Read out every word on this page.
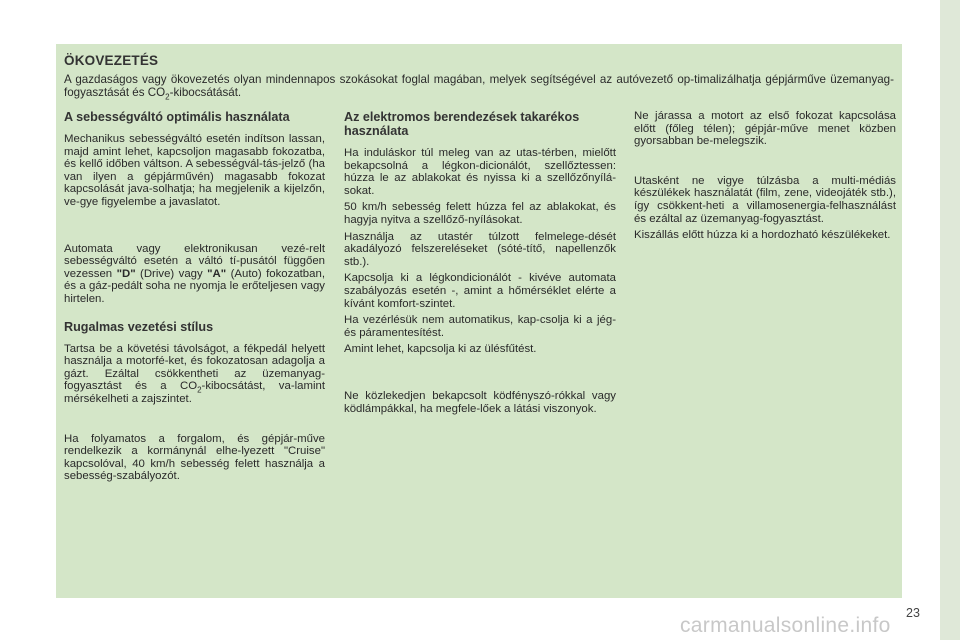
ÖKOVEZETÉS
A gazdaságos vagy ökovezetés olyan mindennapos szokásokat foglal magában, melyek segítségével az autóvezető op-timalizálhatja gépjárműve üzemanyag-fogyasztását és $CO_2$-kibocsátását.
A sebességváltó optimális használata

Mechanikus sebességváltó esetén indítson lassan, majd amint lehet, kapcsoljon magasabb fokozatba, és kellő időben váltson. A sebességvál-tás-jelző (ha van ilyen a gépjárművén) magasabb fokozat kapcsolását java-solhatja; ha megjelenik a kijelzőn, ve-gye figyelembe a javaslatot.

Automata vagy elektronikusan vezé-relt sebességváltó esetén a váltó tí-pusától függően vezessen "D" (Drive) vagy "A" (Auto) fokozatban, és a gáz-pedált soha ne nyomja le erőteljesen vagy hirtelen.

Rugalmas vezetési stílus

Tartsa be a követési távolságot, a fékpedál helyett használja a motorfé-ket, és fokozatosan adagolja a gázt. Ezáltal csökkentheti az üzemanyag-fogyasztást és a $CO_2$-kibocsátást, va-lamint mérsékelheti a zajszintet.

Ha folyamatos a forgalom, és gépjár-műve rendelkezik a kormánynál elhe-lyezett "Cruise" kapcsolóval, 40 km/h sebesség felett használja a sebesség-szabályozót.

Az elektromos berendezések takarékos használata

Ha induláskor túl meleg van az utas-térben, mielőtt bekapcsolná a légkon-dicionálót, szellőztessen: húzza le az ablakokat és nyissa ki a szellőzőnyílá-sokat.

50 km/h sebesség felett húzza fel az ablakokat, és hagyja nyitva a szellőző-nyílásokat.

Használja az utastér túlzott felmelege-dését akadályozó felszereléseket (sóté-títő, napellenzők stb.).

Kapcsolja ki a légkondicionálót - kivéve automata szabályozás esetén -, amint a hőmérséklet elérte a kívánt komfort-szintet.

Ha vezérlésük nem automatikus, kap-csolja ki a jég- és páramentesítést.

Amint lehet, kapcsolja ki az ülésfűtést.

Ne közlekedjen bekapcsolt ködfényszó-rókkal vagy ködlámpákkal, ha megfele-lőek a látási viszonyok.

Ne járassa a motort az első fokozat kapcsolása előtt (főleg télen); gépjár-műve menet közben gyorsabban be-melegszik.

Utasként ne vigye túlzásba a multi-médiás készülékek használatát (film, zene, videojáték stb.), így csökkent-heti a villamosenergia-felhasználást és ezáltal az üzemanyag-fogyasztást.

Kiszállás előtt húzza ki a hordozható készülékeket.

23
carmanualsonline.info
